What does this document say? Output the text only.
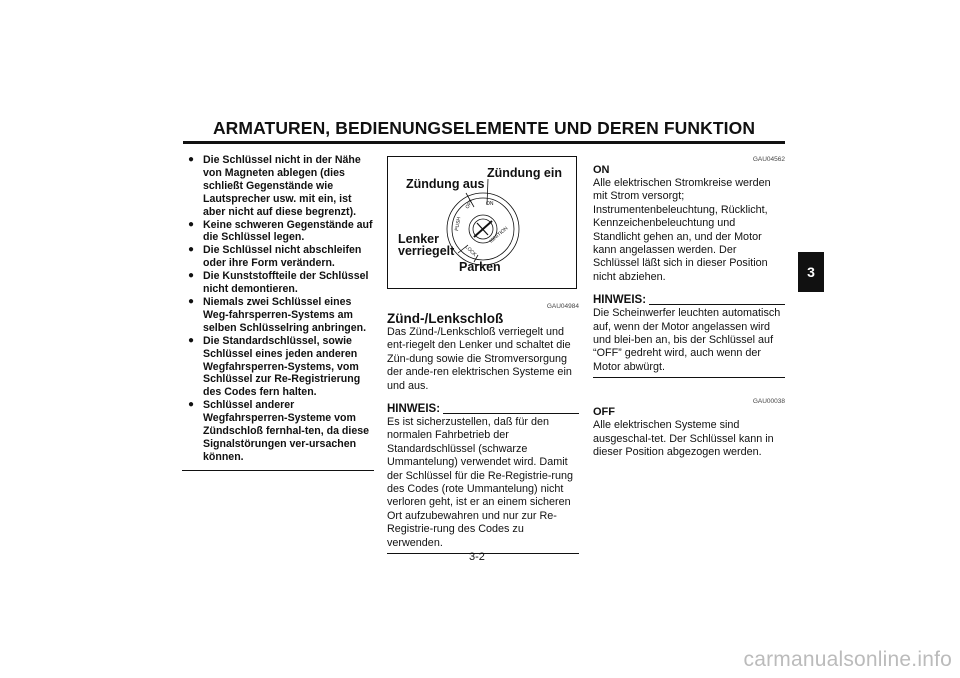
ARMATUREN, BEDIENUNGSELEMENTE UND DEREN FUNKTION
3
● Die Schlüssel nicht in der Nähe von Magneten ablegen (dies schließt Gegenstände wie Lautsprecher usw. mit ein, ist aber nicht auf diese begrenzt).
● Keine schweren Gegenstände auf die Schlüssel legen.
● Die Schlüssel nicht abschleifen oder ihre Form verändern.
● Die Kunststoffteile der Schlüssel nicht demontieren.
● Niemals zwei Schlüssel eines Weg-fahrsperren-Systems am selben Schlüsselring anbringen.
● Die Standardschlüssel, sowie Schlüssel eines jeden anderen Wegfahrsperren-Systems, vom Schlüssel zur Re-Registrierung des Codes fern halten.
● Schlüssel anderer Wegfahrsperren-Systeme vom Zündschloß fernhal-ten, da diese Signalstörungen ver-ursachen können.
ON
OFF
PUSH
LOCK
IGNITION
Zündung ein
Zündung aus
Lenker
verriegelt
Parken
GAU04984
Zünd-/Lenkschloß

Das Zünd-/Lenkschloß verriegelt und ent-riegelt den Lenker und schaltet die Zün-dung sowie die Stromversorgung der ande-ren elektrischen Systeme ein und aus.

HINWEIS:

Es ist sicherzustellen, daß für den normalen Fahrbetrieb der Standardschlüssel (schwarze Ummantelung) verwendet wird. Damit der Schlüssel für die Re-Registrie-rung des Codes (rote Ummantelung) nicht verloren geht, ist er an einem sicheren Ort aufzubewahren und nur zur Re-Registrie-rung des Codes zu verwenden.

GAU04562
ON

Alle elektrischen Stromkreise werden mit Strom versorgt; Instrumentenbeleuchtung, Rücklicht, Kennzeichenbeleuchtung und Standlicht gehen an, und der Motor kann angelassen werden. Der Schlüssel läßt sich in dieser Position nicht abziehen.

HINWEIS:

Die Scheinwerfer leuchten automatisch auf, wenn der Motor angelassen wird und blei-ben an, bis der Schlüssel auf “OFF” gedreht wird, auch wenn der Motor abwürgt.

GAU00038
OFF

Alle elektrischen Systeme sind ausgeschal-tet. Der Schlüssel kann in dieser Position abgezogen werden.

3-2
carmanualsonline.info
